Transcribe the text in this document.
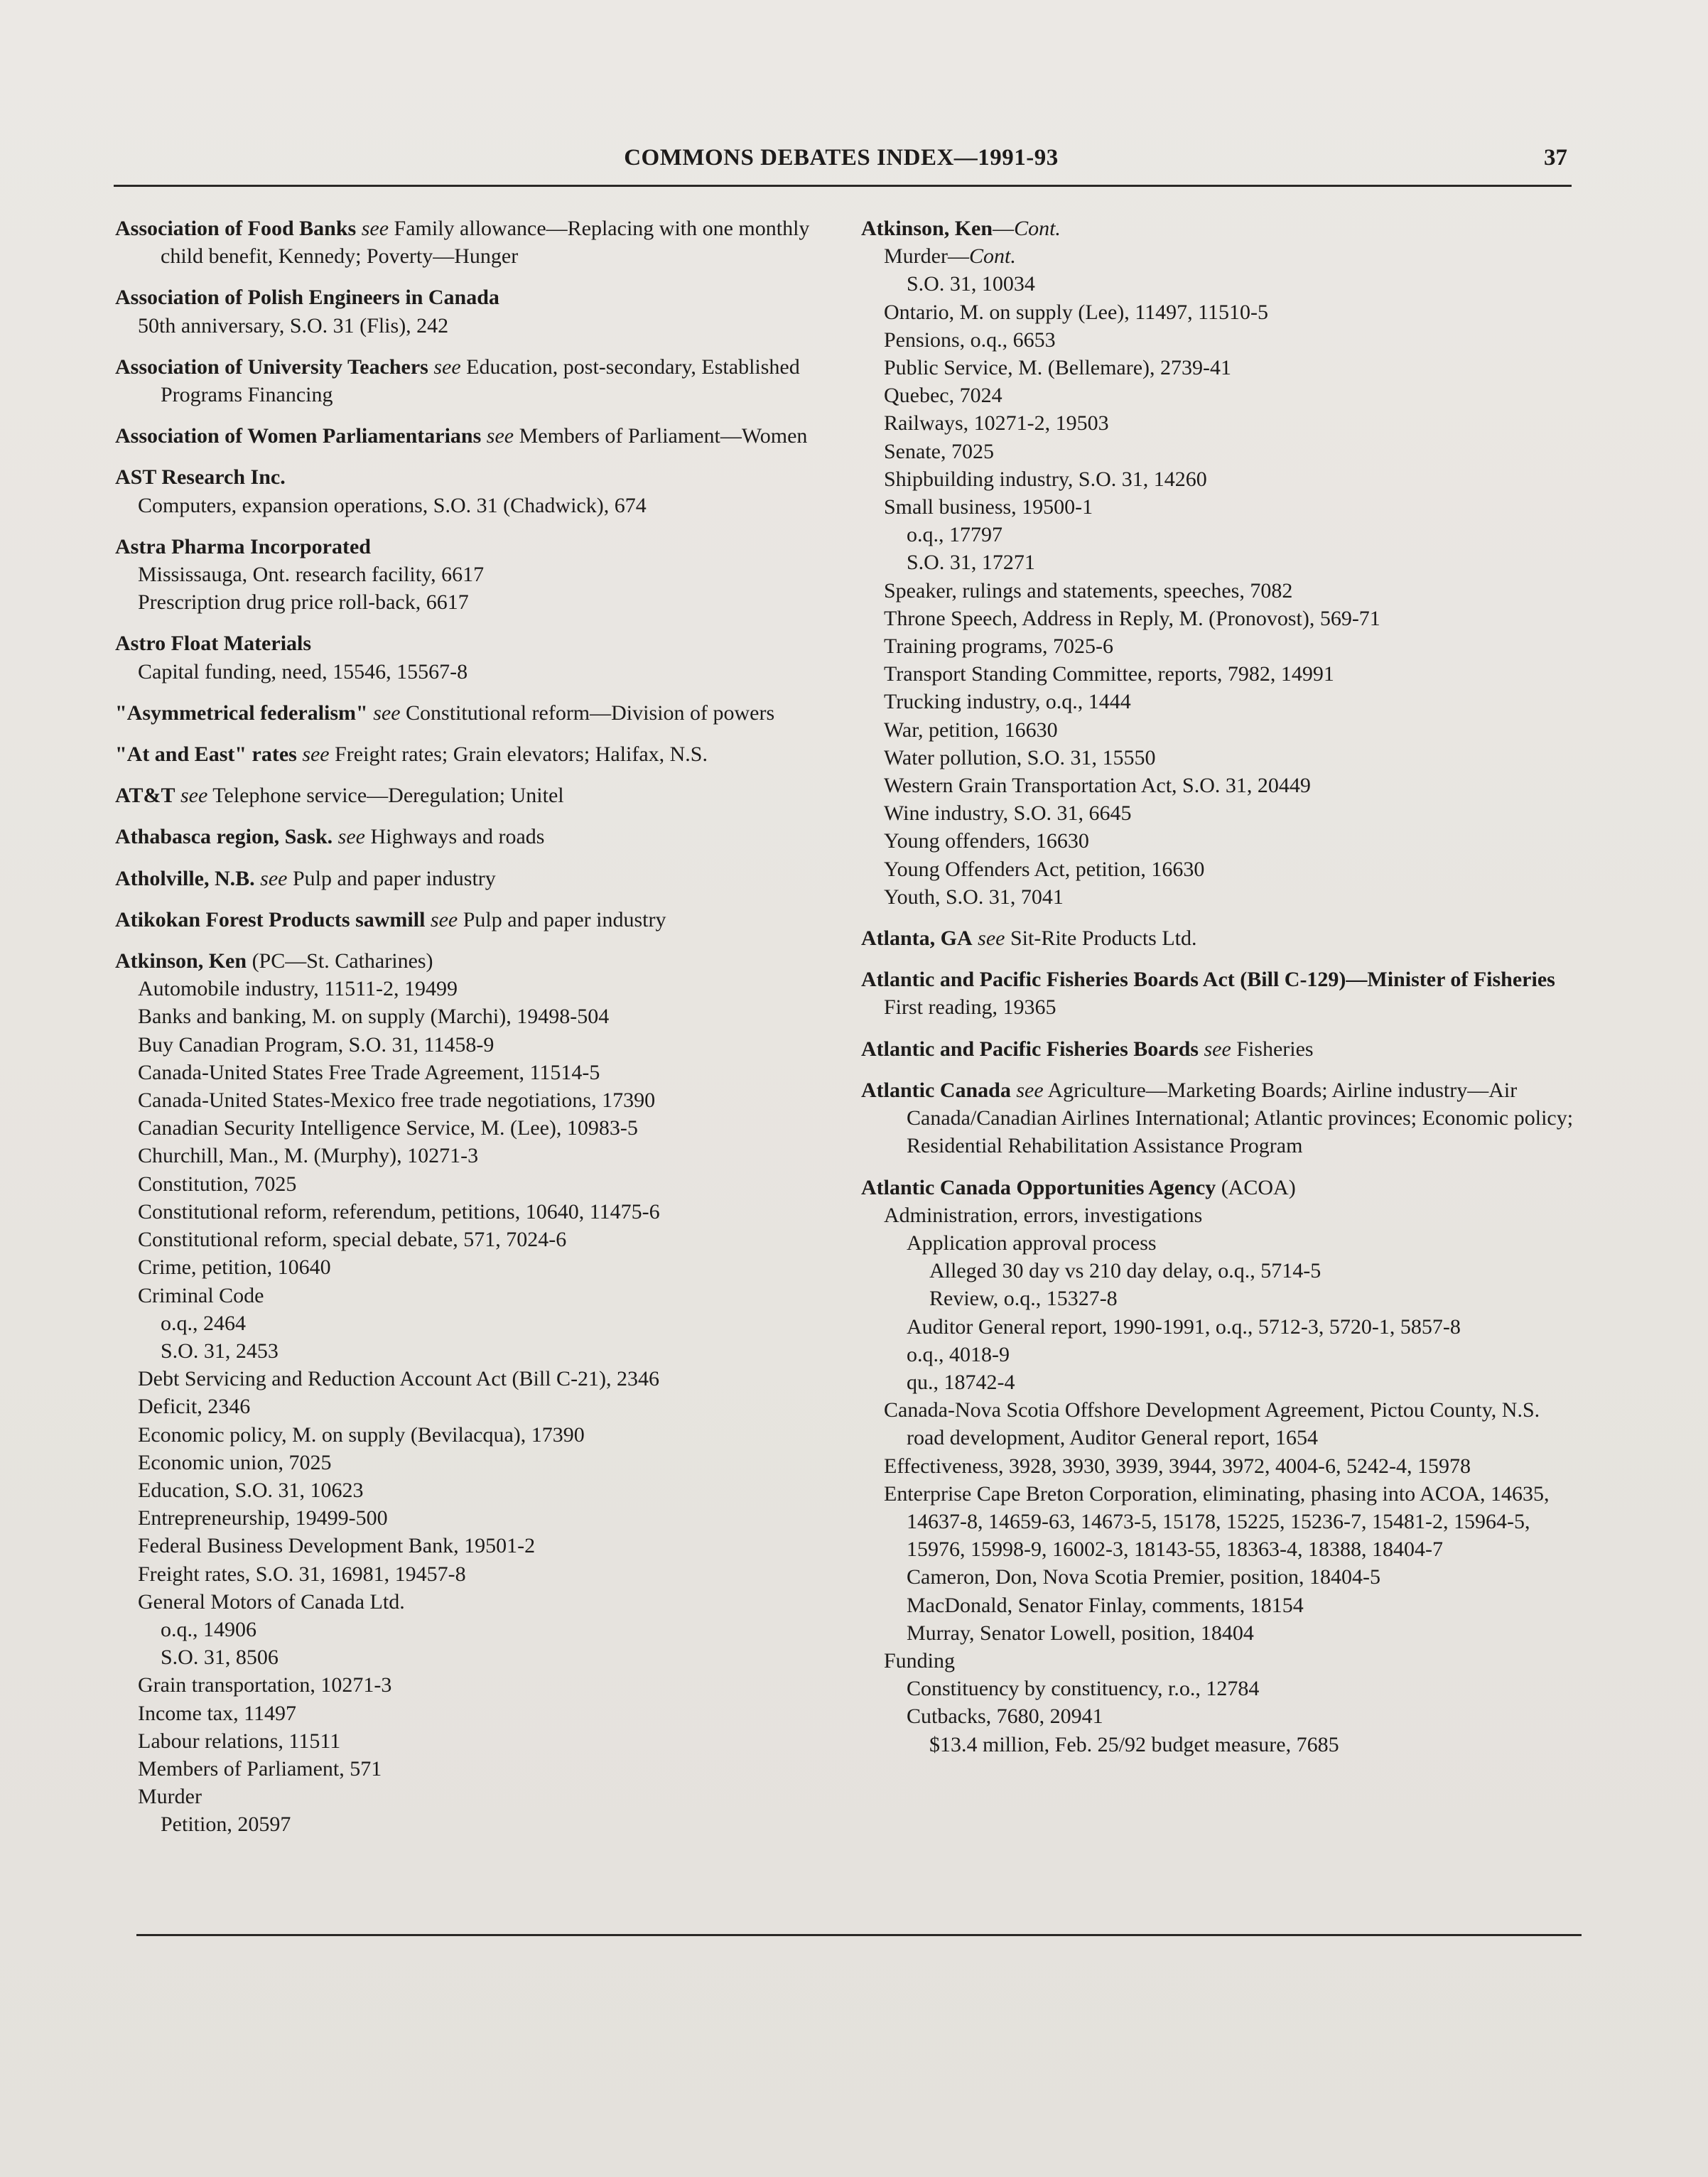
COMMONS DEBATES INDEX—1991-93	37
Association of Food Banks see Family allowance—Replacing with one monthly child benefit, Kennedy; Poverty—Hunger
Association of Polish Engineers in Canada
50th anniversary, S.O. 31 (Flis), 242
Association of University Teachers see Education, post-secondary, Established Programs Financing
Association of Women Parliamentarians see Members of Parliament—Women
AST Research Inc.
Computers, expansion operations, S.O. 31 (Chadwick), 674
Astra Pharma Incorporated
Mississauga, Ont. research facility, 6617
Prescription drug price roll-back, 6617
Astro Float Materials
Capital funding, need, 15546, 15567-8
"Asymmetrical federalism" see Constitutional reform—Division of powers
"At and East" rates see Freight rates; Grain elevators; Halifax, N.S.
AT&T see Telephone service—Deregulation; Unitel
Athabasca region, Sask. see Highways and roads
Atholville, N.B. see Pulp and paper industry
Atikokan Forest Products sawmill see Pulp and paper industry
Atkinson, Ken (PC—St. Catharines)
Automobile industry, 11511-2, 19499
Banks and banking, M. on supply (Marchi), 19498-504
Buy Canadian Program, S.O. 31, 11458-9
Canada-United States Free Trade Agreement, 11514-5
Canada-United States-Mexico free trade negotiations, 17390
Canadian Security Intelligence Service, M. (Lee), 10983-5
Churchill, Man., M. (Murphy), 10271-3
Constitution, 7025
Constitutional reform, referendum, petitions, 10640, 11475-6
Constitutional reform, special debate, 571, 7024-6
Crime, petition, 10640
Criminal Code
o.q., 2464
S.O. 31, 2453
Debt Servicing and Reduction Account Act (Bill C-21), 2346
Deficit, 2346
Economic policy, M. on supply (Bevilacqua), 17390
Economic union, 7025
Education, S.O. 31, 10623
Entrepreneurship, 19499-500
Federal Business Development Bank, 19501-2
Freight rates, S.O. 31, 16981, 19457-8
General Motors of Canada Ltd.
o.q., 14906
S.O. 31, 8506
Grain transportation, 10271-3
Income tax, 11497
Labour relations, 11511
Members of Parliament, 571
Murder
Petition, 20597
Atkinson, Ken—Cont.
Murder—Cont.
S.O. 31, 10034
Ontario, M. on supply (Lee), 11497, 11510-5
Pensions, o.q., 6653
Public Service, M. (Bellemare), 2739-41
Quebec, 7024
Railways, 10271-2, 19503
Senate, 7025
Shipbuilding industry, S.O. 31, 14260
Small business, 19500-1
o.q., 17797
S.O. 31, 17271
Speaker, rulings and statements, speeches, 7082
Throne Speech, Address in Reply, M. (Pronovost), 569-71
Training programs, 7025-6
Transport Standing Committee, reports, 7982, 14991
Trucking industry, o.q., 1444
War, petition, 16630
Water pollution, S.O. 31, 15550
Western Grain Transportation Act, S.O. 31, 20449
Wine industry, S.O. 31, 6645
Young offenders, 16630
Young Offenders Act, petition, 16630
Youth, S.O. 31, 7041
Atlanta, GA see Sit-Rite Products Ltd.
Atlantic and Pacific Fisheries Boards Act (Bill C-129)—Minister of Fisheries
First reading, 19365
Atlantic and Pacific Fisheries Boards see Fisheries
Atlantic Canada see Agriculture—Marketing Boards; Airline industry—Air Canada/Canadian Airlines International; Atlantic provinces; Economic policy; Residential Rehabilitation Assistance Program
Atlantic Canada Opportunities Agency (ACOA)
Administration, errors, investigations
Application approval process
Alleged 30 day vs 210 day delay, o.q., 5714-5
Review, o.q., 15327-8
Auditor General report, 1990-1991, o.q., 5712-3, 5720-1, 5857-8
o.q., 4018-9
qu., 18742-4
Canada-Nova Scotia Offshore Development Agreement, Pictou County, N.S. road development, Auditor General report, 1654
Effectiveness, 3928, 3930, 3939, 3944, 3972, 4004-6, 5242-4, 15978
Enterprise Cape Breton Corporation, eliminating, phasing into ACOA, 14635, 14637-8, 14659-63, 14673-5, 15178, 15225, 15236-7, 15481-2, 15964-5, 15976, 15998-9, 16002-3, 18143-55, 18363-4, 18388, 18404-7
Cameron, Don, Nova Scotia Premier, position, 18404-5
MacDonald, Senator Finlay, comments, 18154
Murray, Senator Lowell, position, 18404
Funding
Constituency by constituency, r.o., 12784
Cutbacks, 7680, 20941
$13.4 million, Feb. 25/92 budget measure, 7685
